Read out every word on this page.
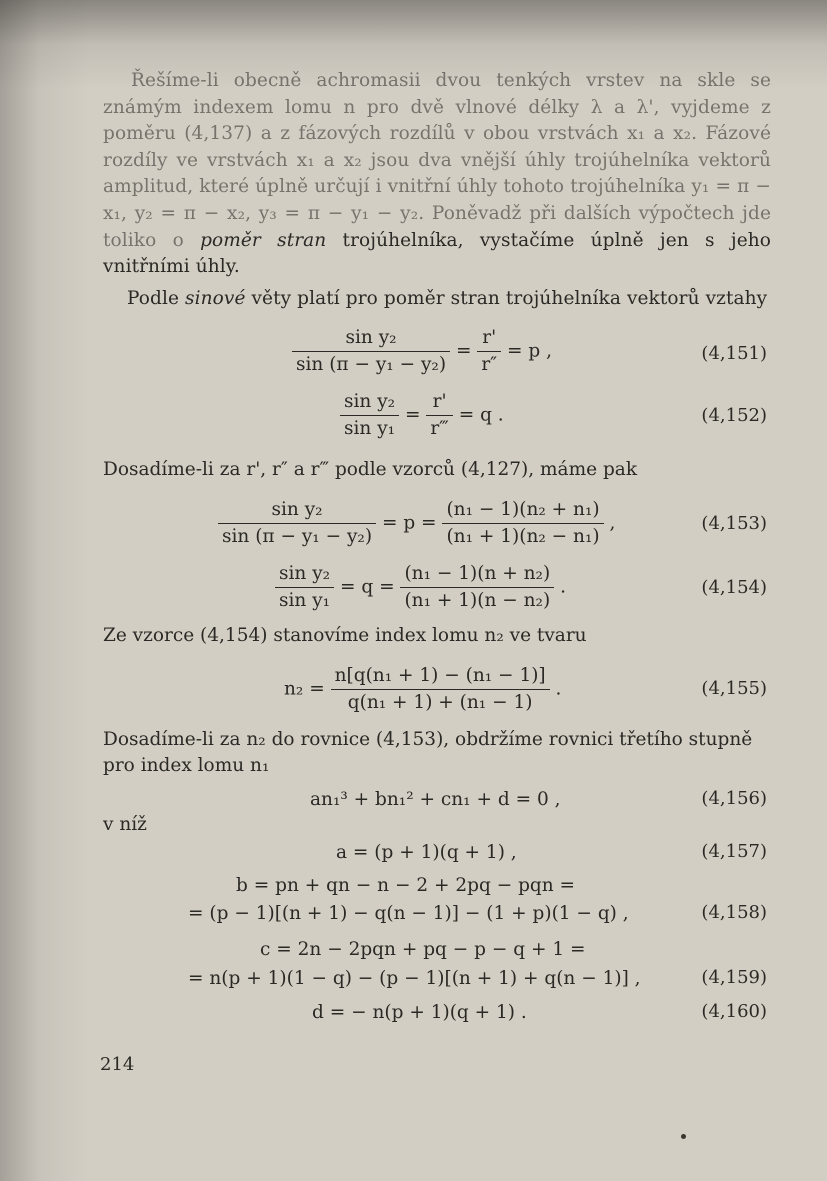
Řešíme-li obecně achromasii dvou tenkých vrstev na skle se známým indexem lomu n pro dvě vlnové délky λ a λ', vyjdeme z poměru (4,137) a z fázových rozdílů v obou vrstvách x₁ a x₂. Fázové rozdíly ve vrstvách x₁ a x₂ jsou dva vnější úhly trojúhelníka vektorů amplitud, které úplně určují i vnitřní úhly tohoto trojúhelníka y₁ = π − x₁, y₂ = π − x₂, y₃ = π − y₁ − y₂. Poněvadž při dalších výpočtech jde toliko o poměr stran trojúhelníka, vystačíme úplně jen s jeho vnitřními úhly.
Podle sinové věty platí pro poměr stran trojúhelníka vektorů vztahy
$\frac{\text{sin y₂}}{\text{sin (π − y₁ − y₂)}} = \frac{r'}{r''} = p$ ,	(4,151)
$\frac{\text{sin y₂}}{\text{sin y₁}} = \frac{r'}{r‴} = q$ .	(4,152)
Dosadíme-li za r', r″ a r‴ podle vzorců (4,127), máme pak
$\frac{\text{sin y₂}}{\text{sin (π − y₁ − y₂)}} = p = \frac{\text{(n₁ − 1)(n₂ + n₁)}}{\text{(n₁ + 1)(n₂ − n₁)}}$ ,	(4,153)
$\frac{\text{sin y₂}}{\text{sin y₁}} = q = \frac{\text{(n₁ − 1)(n + n₂)}}{\text{(n₁ + 1)(n − n₂)}}$ .	(4,154)
Ze vzorce (4,154) stanovíme index lomu n₂ ve tvaru
$n_2 = \frac{\text{n[q(n₁ + 1) − (n₁ − 1)]}}{\text{q(n₁ + 1) + (n₁ − 1)}}$ .	(4,155)
Dosadíme-li za n₂ do rovnice (4,153), obdržíme rovnici třetího stupně
pro index lomu n₁
an₁³ + bn₁² + cn₁ + d = 0 ,	(4,156)
v níž
a = (p + 1)(q + 1) ,	(4,157)
b = pn + qn − n − 2 + 2pq − pqn =
= (p − 1)[(n + 1) − q(n − 1)] − (1 + p)(1 − q) ,	(4,158)
c = 2n − 2pqn + pq − p − q + 1 =
= n(p + 1)(1 − q) − (p − 1)[(n + 1) + q(n − 1)] ,	(4,159)
d = − n(p + 1)(q + 1) .	(4,160)
214
